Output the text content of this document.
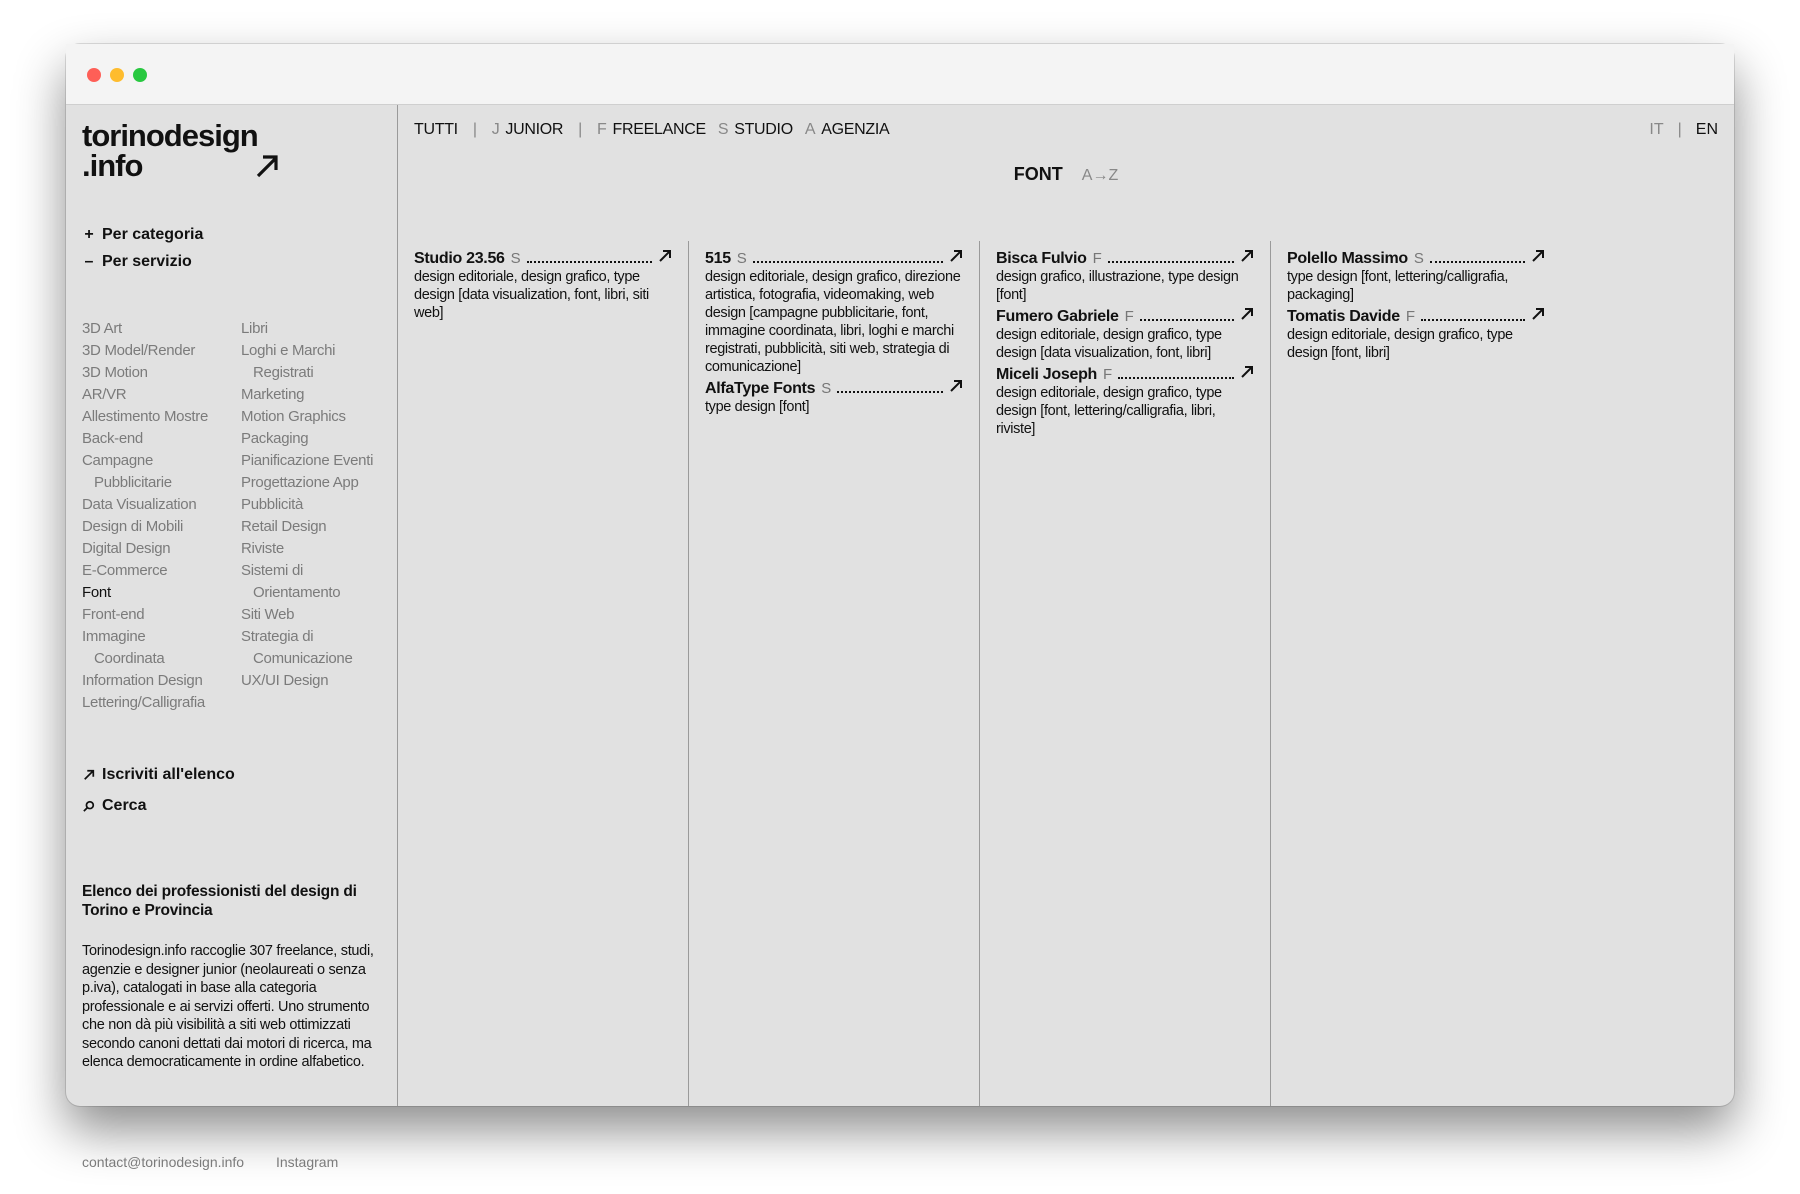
torinodesign
.info
+ Per categoria
– Per servizio
3D Art
3D Model/Render
3D Motion
AR/VR
Allestimento Mostre
Back-end
Campagne
Pubblicitarie
Data Visualization
Design di Mobili
Digital Design
E-Commerce
Font
Front-end
Immagine
Coordinata
Information Design
Lettering/Calligrafia
Libri
Loghi e Marchi
Registrati
Marketing
Motion Graphics
Packaging
Pianificazione Eventi
Progettazione App
Pubblicità
Retail Design
Riviste
Sistemi di
Orientamento
Siti Web
Strategia di
Comunicazione
UX/UI Design
Iscriviti all'elenco
Cerca
Elenco dei professionisti del design di Torino e Provincia

Torinodesign.info raccoglie 307 freelance, studi, agenzie e designer junior (neolaureati o senza p.iva), catalogati in base alla categoria professionale e ai servizi offerti. Uno strumento che non dà più visibilità a siti web ottimizzati secondo canoni dettati dai motori di ricerca, ma elenca democraticamente in ordine alfabetico.

contact@torinodesign.info Instagram
TUTTI | J JUNIOR | F FREELANCE S STUDIO A AGENZIA	IT | EN
FONT A→Z
Studio 23.56 S
design editoriale, design grafico, type design [data visualization, font, libri, siti web]
515 S
design editoriale, design grafico, direzione artistica, fotografia, videomaking, web design [campagne pubblicitarie, font, immagine coordinata, libri, loghi e marchi registrati, pubblicità, siti web, strategia di comunicazione]
AlfaType Fonts S
type design [font]
Bisca Fulvio F
design grafico, illustrazione, type design [font]
Fumero Gabriele F
design editoriale, design grafico, type design [data visualization, font, libri]
Miceli Joseph F
design editoriale, design grafico, type design [font, lettering/calligrafia, libri, riviste]
Polello Massimo S
type design [font, lettering/calligrafia, packaging]
Tomatis Davide F
design editoriale, design grafico, type design [font, libri]
